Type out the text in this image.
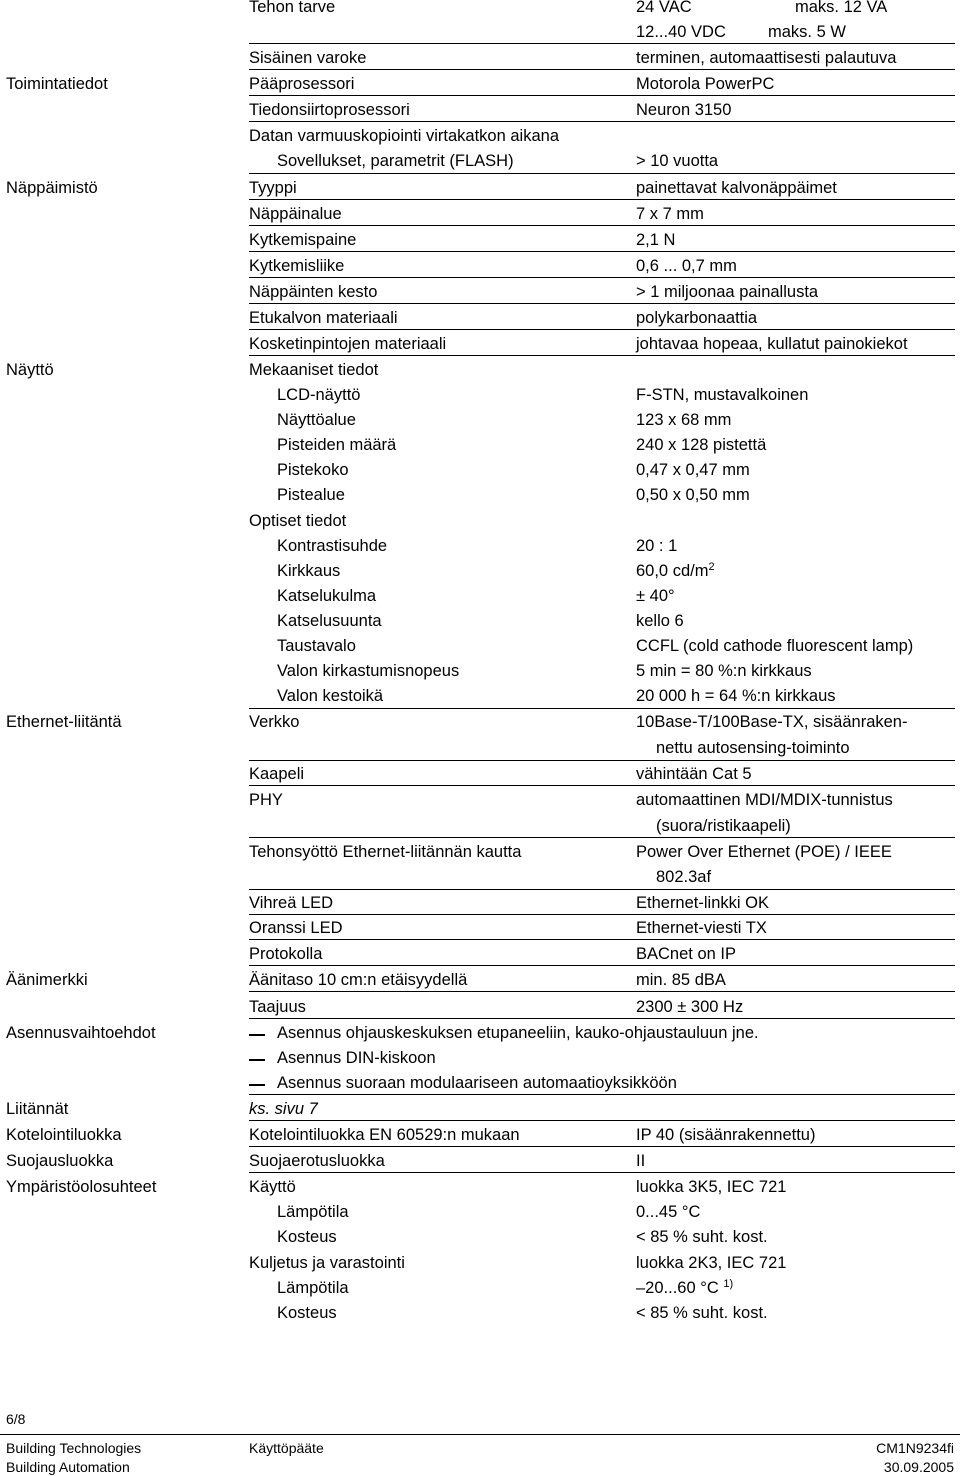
Tehon tarve	24 VAC	maks. 12 VA
12...40 VDC	maks. 5 W
Sisäinen varoke	terminen, automaattisesti palautuva
Toimintatiedot	Pääprosessori	Motorola PowerPC
Tiedonsiirtoprosessori	Neuron 3150
Datan varmuuskopiointi virtakatkon aikana
Sovellukset, parametrit (FLASH)	> 10 vuotta
Näppäimistö	Tyyppi	painettavat kalvonäppäimet
Näppäinalue	7 x 7 mm
Kytkemispaine	2,1 N
Kytkemisliike	0,6 ... 0,7 mm
Näppäinten kesto	> 1 miljoonaa painallusta
Etukalvon materiaali	polykarbonaattia
Kosketinpintojen materiaali	johtavaa hopeaa, kullatut painokiekot
Näyttö	Mekaaniset tiedot
LCD-näyttö	F-STN, mustavalkoinen
Näyttöalue	123 x 68 mm
Pisteiden määrä	240 x 128 pistettä
Pistekoko	0,47 x 0,47 mm
Pistealue	0,50 x 0,50 mm
Optiset tiedot
Kontrastisuhde	20 : 1
Kirkkaus	60,0 $cd/m^2$
Katselukulma	± 40°
Katselusuunta	kello 6
Taustavalo	CCFL (cold cathode fluorescent lamp)
Valon kirkastumisnopeus	5 min = 80 %:n kirkkaus
Valon kestoikä	20 000 h = 64 %:n kirkkaus
Ethernet-liitäntä	Verkko	10Base-T/100Base-TX, sisäänraken-
nettu autosensing-toiminto
Kaapeli	vähintään Cat 5
PHY	automaattinen MDI/MDIX-tunnistus
(suora/ristikaapeli)
Tehonsyöttö Ethernet-liitännän kautta	Power Over Ethernet (POE) / IEEE
802.3af
Vihreä LED	Ethernet-linkki OK
Oranssi LED	Ethernet-viesti TX
Protokolla	BACnet on IP
Äänimerkki	Äänitaso 10 cm:n etäisyydellä	min. 85 dBA
Taajuus	2300 ± 300 Hz
Asennusvaihtoehdot	Asennus ohjauskeskuksen etupaneeliin, kauko-ohjaustauluun jne.
Asennus DIN-kiskoon
Asennus suoraan modulaariseen automaatioyksikköön
Liitännät	ks. sivu 7
Kotelointiluokka	Kotelointiluokka EN 60529:n mukaan	IP 40 (sisäänrakennettu)
Suojausluokka	Suojaerotusluokka	II
Ympäristöolosuhteet	Käyttö	luokka 3K5, IEC 721
Lämpötila	0...45 °C
Kosteus	< 85 % suht. kost.
Kuljetus ja varastointi	luokka 2K3, IEC 721
Lämpötila	–20...60 °C $^{1)}$
Kosteus	< 85 % suht. kost.
6/8
Building Technologies
Building Automation
Käyttöpääte	CM1N9234fi
30.09.2005
